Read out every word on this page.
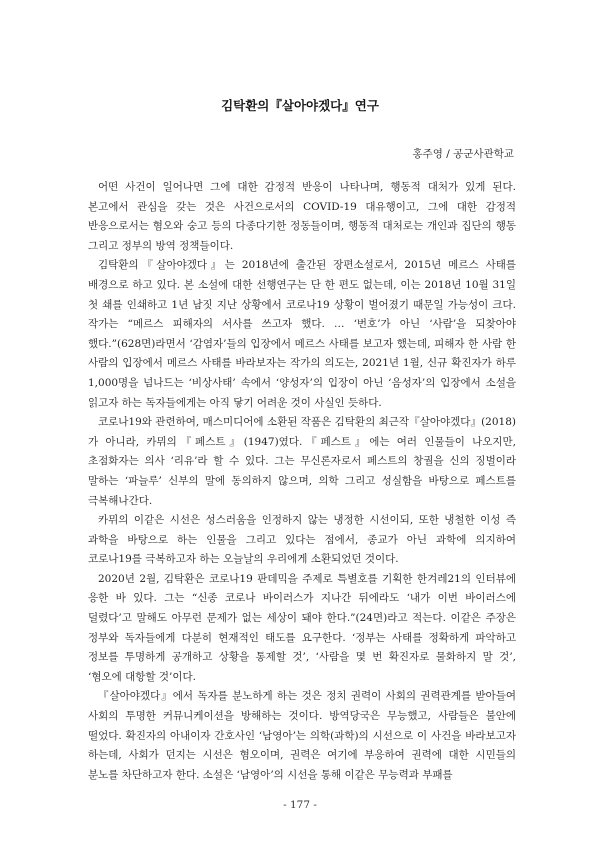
김탁환의『살아야겠다』연구
홍주영 / 공군사관학교

어떤 사건이 일어나면 그에 대한 감정적 반응이 나타나며, 행동적 대처가 있게 된다. 본고에서 관심을 갖는 것은 사건으로서의 COVID-19 대유행이고, 그에 대한 감정적 반응으로서는 혐오와 숭고 등의 다종다기한 정동들이며, 행동적 대처로는 개인과 집단의 행동 그리고 정부의 방역 정책들이다.

김탁환의『살아야겠다』는 2018년에 출간된 장편소설로서, 2015년 메르스 사태를 배경으로 하고 있다. 본 소설에 대한 선행연구는 단 한 편도 없는데, 이는 2018년 10월 31일 첫 쇄를 인쇄하고 1년 남짓 지난 상황에서 코로나19 상황이 벌어졌기 때문일 가능성이 크다. 작가는 “메르스 피해자의 서사를 쓰고자 했다. … ‘번호’가 아닌 ‘사람’을 되찾아야 했다.”(628면)라면서 ‘감염자’들의 입장에서 메르스 사태를 보고자 했는데, 피해자 한 사람 한 사람의 입장에서 메르스 사태를 바라보자는 작가의 의도는, 2021년 1월, 신규 확진자가 하루 1,000명을 넘나드는 ‘비상사태’ 속에서 ‘양성자’의 입장이 아닌 ‘음성자’의 입장에서 소설을 읽고자 하는 독자들에게는 아직 닿기 어려운 것이 사실인 듯하다.

코로나19와 관련하여, 매스미디어에 소환된 작품은 김탁환의 최근작『살아야겠다』(2018)가 아니라, 카뮈의『페스트』(1947)였다.『페스트』에는 여러 인물들이 나오지만, 초점화자는 의사 ‘리유’라 할 수 있다. 그는 무신론자로서 페스트의 창궐을 신의 징벌이라 말하는 ‘파늘루’ 신부의 말에 동의하지 않으며, 의학 그리고 성실함을 바탕으로 페스트를 극복해나간다.

카뮈의 이같은 시선은 성스러움을 인정하지 않는 냉정한 시선이되, 또한 냉철한 이성 즉 과학을 바탕으로 하는 인물을 그리고 있다는 점에서, 종교가 아닌 과학에 의지하여 코로나19를 극복하고자 하는 오늘날의 우리에게 소환되었던 것이다.

2020년 2월, 김탁환은 코로나19 판데믹을 주제로 특별호를 기획한 한겨레21의 인터뷰에 응한 바 있다. 그는 “신종 코로나 바이러스가 지나간 뒤에라도 ‘내가 이번 바이러스에 덜렸다’고 말해도 아무런 문제가 없는 세상이 돼야 한다.”(24면)라고 적는다. 이같은 주장은 정부와 독자들에게 다분히 현재적인 태도를 요구한다. ‘정부는 사태를 정확하게 파악하고 정보를 투명하게 공개하고 상황을 통제할 것’, ‘사람을 몇 번 확진자로 물화하지 말 것’, ‘혐오에 대항할 것’이다.

『살아야겠다』에서 독자를 분노하게 하는 것은 정치 권력이 사회의 권력관계를 받아들여 사회의 투명한 커뮤니케이션을 방해하는 것이다. 방역당국은 무능했고, 사람들은 불안에 떨었다. 확진자의 아내이자 간호사인 ‘남영아’는 의학(과학)의 시선으로 이 사건을 바라보고자 하는데, 사회가 던지는 시선은 혐오이며, 권력은 여기에 부응하여 권력에 대한 시민들의 분노를 차단하고자 한다. 소설은 ‘남영아’의 시선을 통해 이같은 무능력과 부패를

- 177 -
